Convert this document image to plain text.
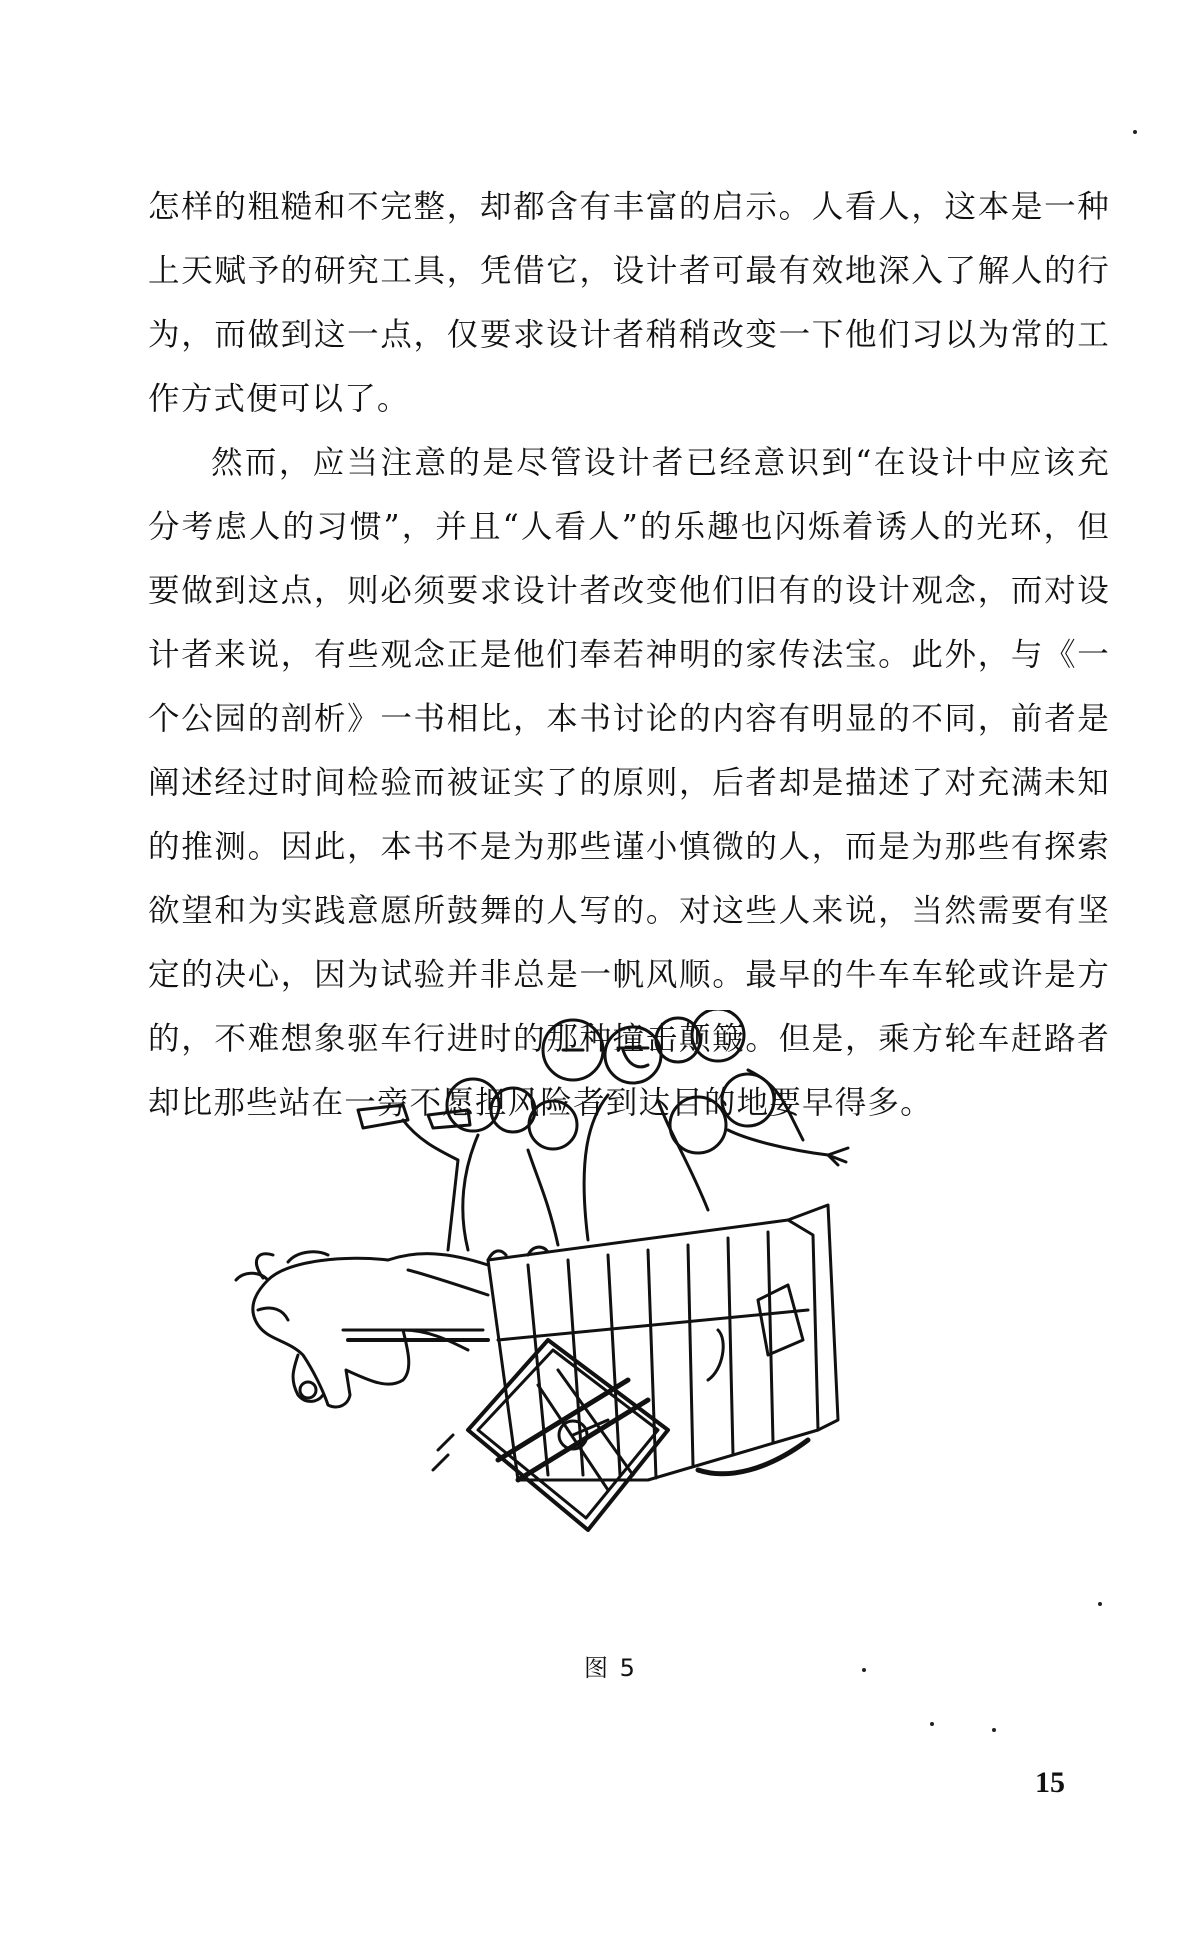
怎样的粗糙和不完整，却都含有丰富的启示。人看人，这本是一种上天赋予的研究工具，凭借它，设计者可最有效地深入了解人的行为，而做到这一点，仅要求设计者稍稍改变一下他们习以为常的工作方式便可以了。

然而，应当注意的是尽管设计者已经意识到“在设计中应该充分考虑人的习惯”，并且“人看人”的乐趣也闪烁着诱人的光环，但要做到这点，则必须要求设计者改变他们旧有的设计观念，而对设计者来说，有些观念正是他们奉若神明的家传法宝。此外，与《一个公园的剖析》一书相比，本书讨论的内容有明显的不同，前者是阐述经过时间检验而被证实了的原则，后者却是描述了对充满未知的推测。因此，本书不是为那些谨小慎微的人，而是为那些有探索欲望和为实践意愿所鼓舞的人写的。对这些人来说，当然需要有坚定的决心，因为试验并非总是一帆风顺。最早的牛车车轮或许是方的，不难想象驱车行进时的那种撞击颠簸。但是，乘方轮车赶路者却比那些站在一旁不愿担风险者到达目的地要早得多。

图 5
15
